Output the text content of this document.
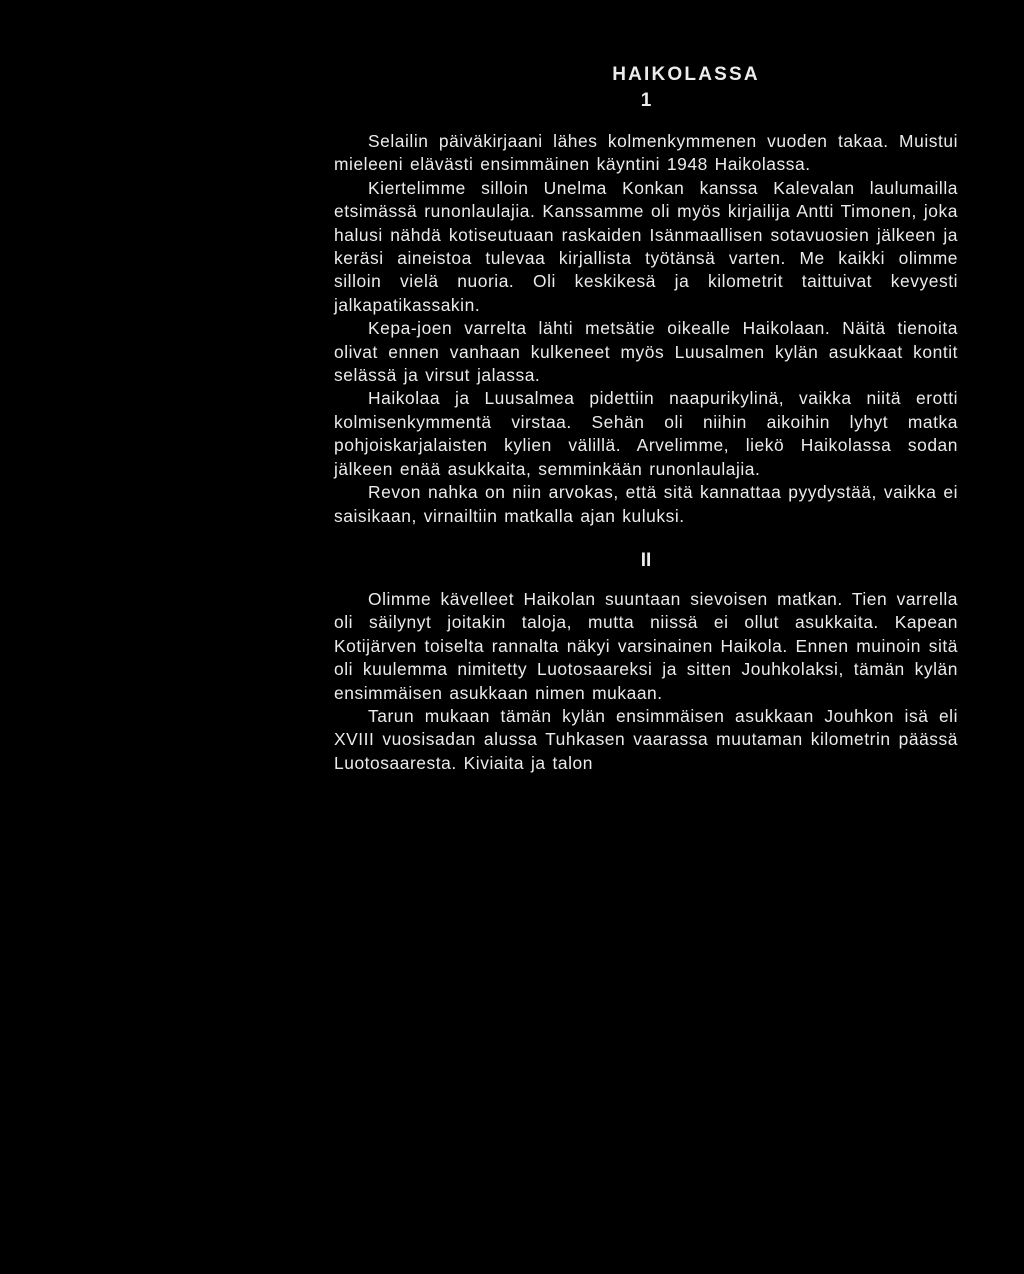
HAIKOLASSA
1

Selailin päiväkirjaani lähes kolmenkymmenen vuoden takaa. Muistui mieleeni elävästi ensimmäinen käyntini 1948 Haikolassa.

Kiertelimme silloin Unelma Konkan kanssa Kalevalan laulumailla etsimässä runonlaulajia. Kanssamme oli myös kirjailija Antti Timonen, joka halusi nähdä kotiseutuaan raskaiden Isänmaallisen sotavuosien jälkeen ja keräsi aineistoa tulevaa kirjallista työtänsä varten. Me kaikki olimme silloin vielä nuoria. Oli keskikesä ja kilometrit taittuivat kevyesti jalkapatikassakin.

Kepa-joen varrelta lähti metsätie oikealle Haikolaan. Näitä tienoita olivat ennen vanhaan kulkeneet myös Luusalmen kylän asukkaat kontit selässä ja virsut jalassa.

Haikolaa ja Luusalmea pidettiin naapurikylinä, vaikka niitä erotti kolmisenkymmentä virstaa. Sehän oli niihin aikoihin lyhyt matka pohjoiskarjalaisten kylien välillä. Arvelimme, liekö Haikolassa sodan jälkeen enää asukkaita, semminkään runonlaulajia.

Revon nahka on niin arvokas, että sitä kannattaa pyydystää, vaikka ei saisikaan, virnailtiin matkalla ajan kuluksi.

II

Olimme kävelleet Haikolan suuntaan sievoisen matkan. Tien varrella oli säilynyt joitakin taloja, mutta niissä ei ollut asukkaita. Kapean Kotijärven toiselta rannalta näkyi varsinainen Haikola. Ennen muinoin sitä oli kuulemma nimitetty Luotosaareksi ja sitten Jouhkolaksi, tämän kylän ensimmäisen asukkaan nimen mukaan.

Tarun mukaan tämän kylän ensimmäisen asukkaan Jouhkon isä eli XVIII vuosisadan alussa Tuhkasen vaarassa muutaman kilometrin päässä Luotosaaresta. Kiviaita ja talon
